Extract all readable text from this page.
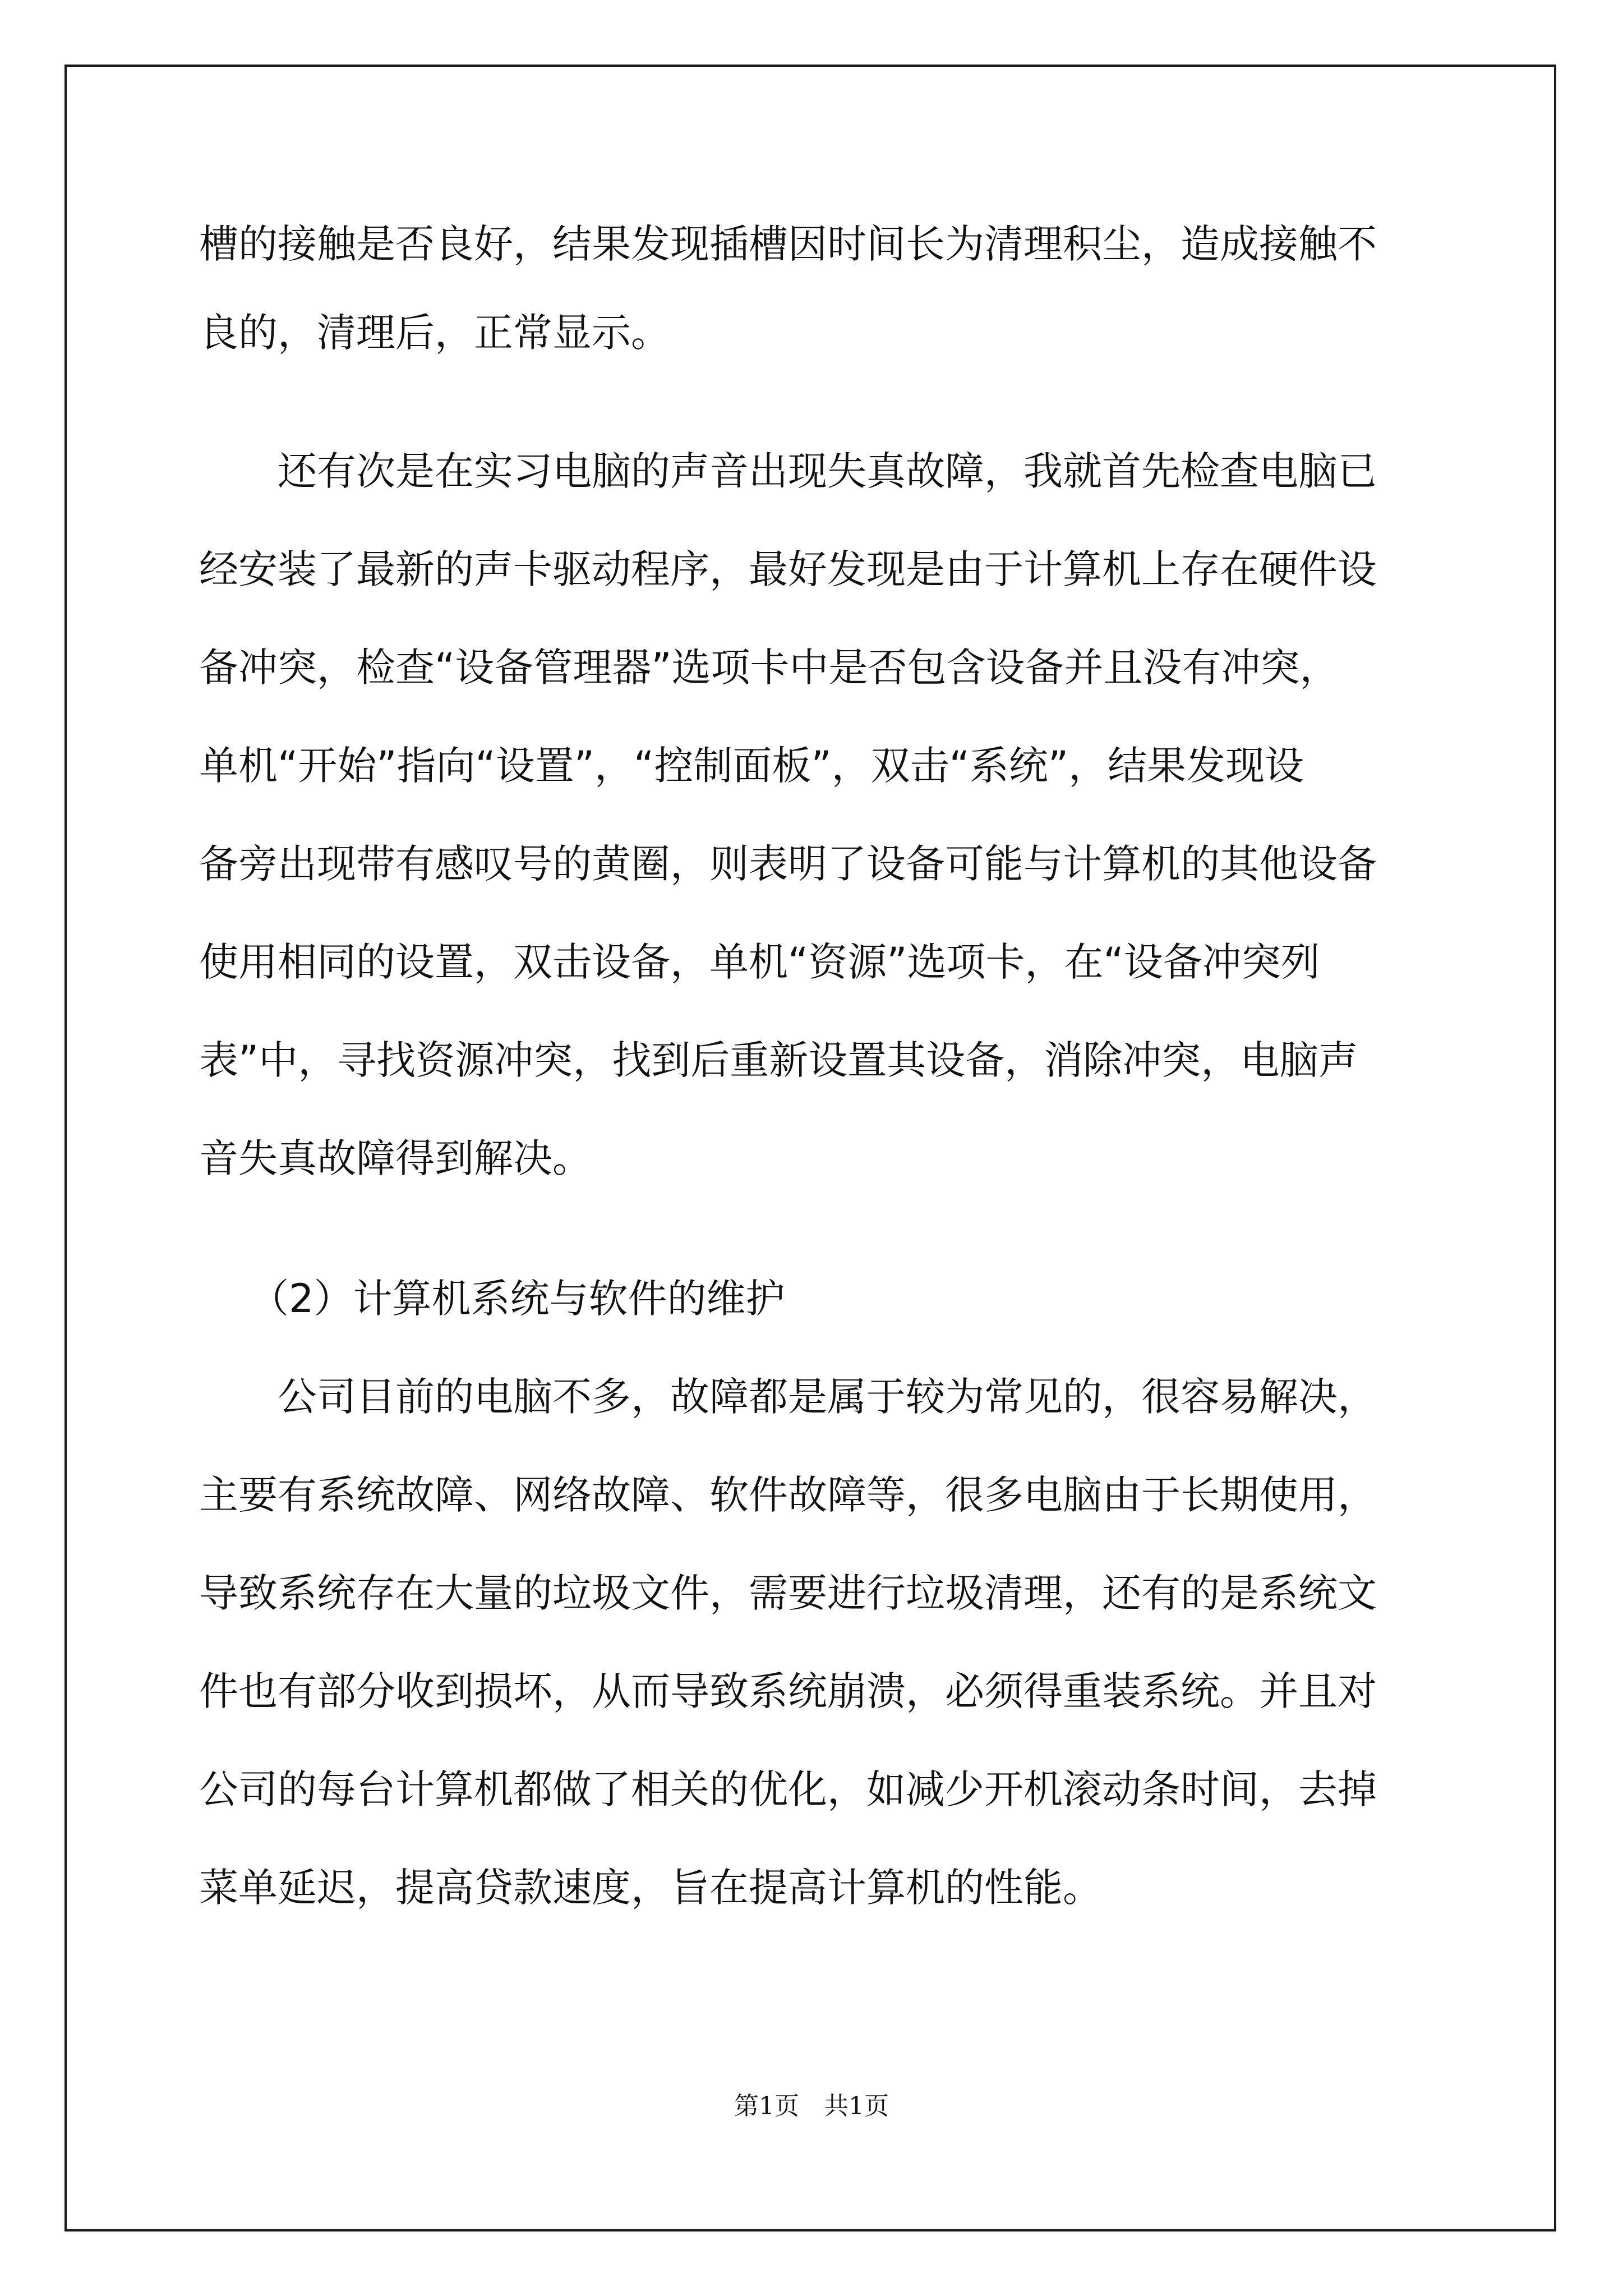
槽的接触是否良好，结果发现插槽因时间长为清理积尘，造成接触不
良的，清理后，正常显示。
还有次是在实习电脑的声音出现失真故障，我就首先检查电脑已
经安装了最新的声卡驱动程序，最好发现是由于计算机上存在硬件设
备冲突，检查“设备管理器”选项卡中是否包含设备并且没有冲突，
单机“开始”指向“设置”，“控制面板”，双击“系统”，结果发现设
备旁出现带有感叹号的黄圈，则表明了设备可能与计算机的其他设备
使用相同的设置，双击设备，单机“资源”选项卡，在“设备冲突列
表”中，寻找资源冲突，找到后重新设置其设备，消除冲突，电脑声
音失真故障得到解决。
（2）计算机系统与软件的维护
公司目前的电脑不多，故障都是属于较为常见的，很容易解决，
主要有系统故障、网络故障、软件故障等，很多电脑由于长期使用，
导致系统存在大量的垃圾文件，需要进行垃圾清理，还有的是系统文
件也有部分收到损坏，从而导致系统崩溃，必须得重装系统。并且对
公司的每台计算机都做了相关的优化，如减少开机滚动条时间，去掉
菜单延迟，提高贷款速度，旨在提高计算机的性能。
第1页　共1页
